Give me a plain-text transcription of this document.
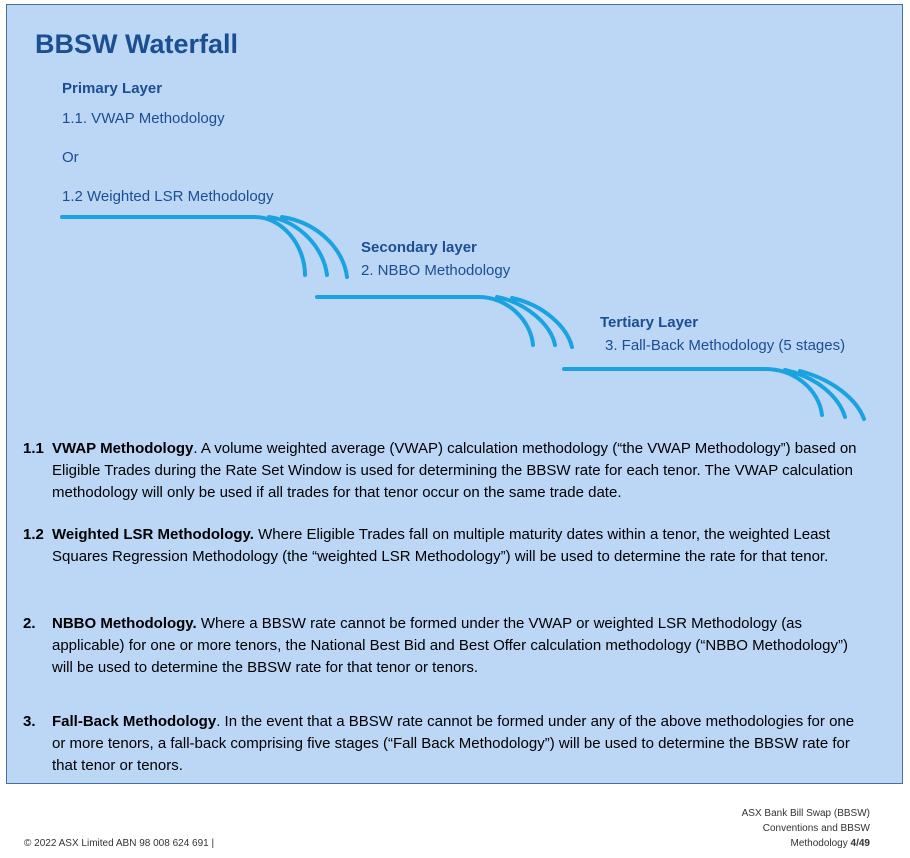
BBSW Waterfall

Primary Layer

1.1. VWAP Methodology

Or

1.2 Weighted LSR Methodology

Secondary layer

2. NBBO Methodology

Tertiary Layer

3. Fall-Back Methodology (5 stages)

1.1 VWAP Methodology. A volume weighted average (VWAP) calculation methodology (“the VWAP Methodology”) based on Eligible Trades during the Rate Set Window is used for determining the BBSW rate for each tenor. The VWAP calculation methodology will only be used if all trades for that tenor occur on the same trade date.
1.2 Weighted LSR Methodology. Where Eligible Trades fall on multiple maturity dates within a tenor, the weighted Least Squares Regression Methodology (the “weighted LSR Methodology”) will be used to determine the rate for that tenor.
2. NBBO Methodology. Where a BBSW rate cannot be formed under the VWAP or weighted LSR Methodology (as applicable) for one or more tenors, the National Best Bid and Best Offer calculation methodology (“NBBO Methodology”) will be used to determine the BBSW rate for that tenor or tenors.
3. Fall-Back Methodology. In the event that a BBSW rate cannot be formed under any of the above methodologies for one or more tenors, a fall-back comprising five stages (“Fall Back Methodology”) will be used to determine the BBSW rate for that tenor or tenors.
ASX Bank Bill Swap (BBSW)
Conventions and BBSW
Methodology 4/49
© 2022 ASX Limited ABN 98 008 624 691 |
